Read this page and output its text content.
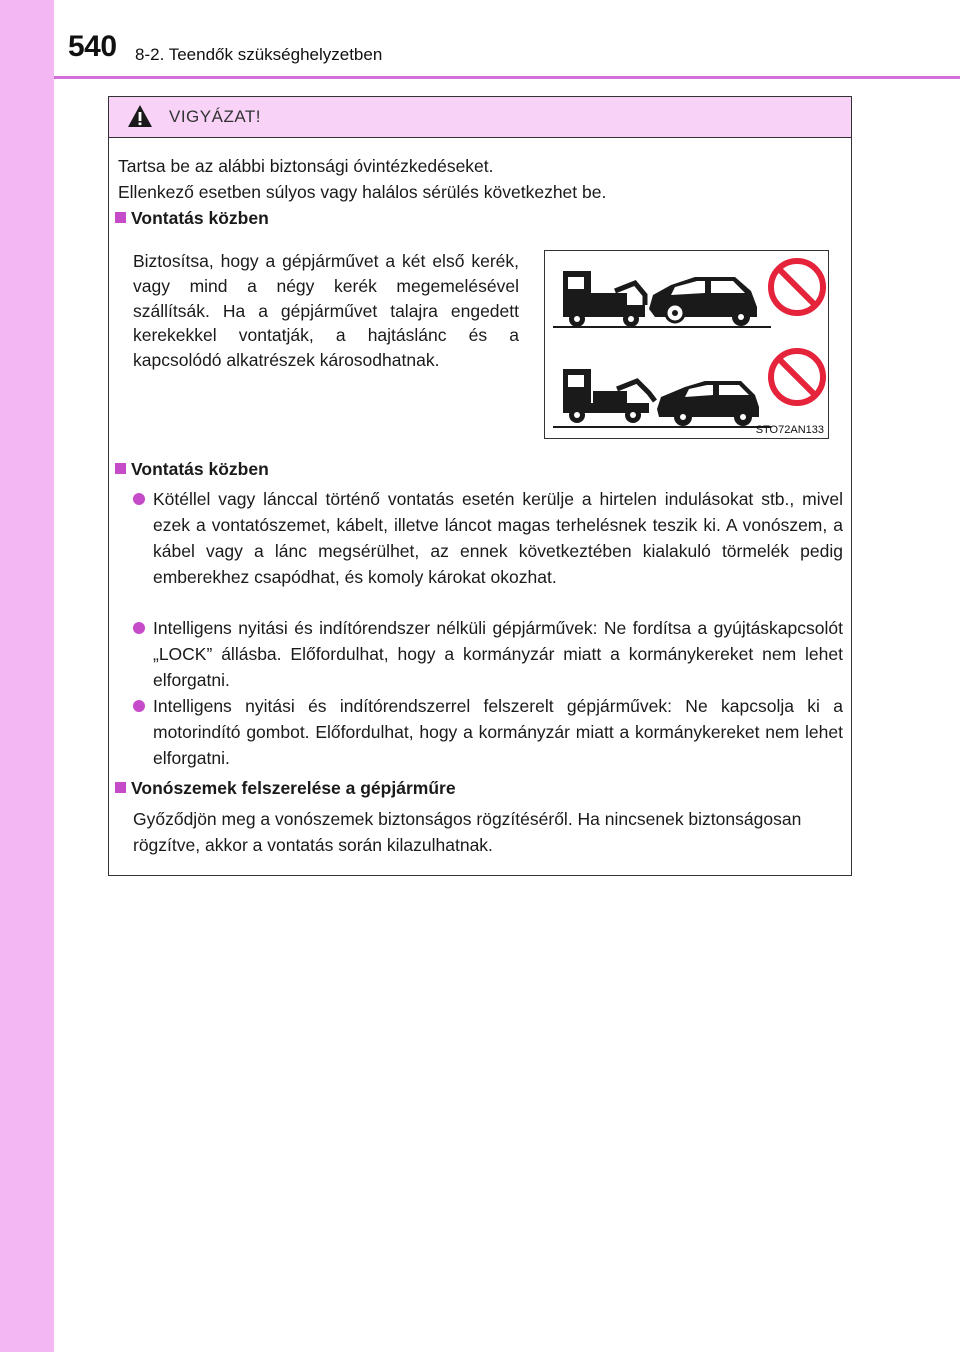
540 8-2. Teendők szükséghelyzetben
VIGYÁZAT!
Tartsa be az alábbi biztonsági óvintézkedéseket.
Ellenkező esetben súlyos vagy halálos sérülés következhet be.
Vontatás közben
Biztosítsa, hogy a gépjárművet a két első kerék, vagy mind a négy kerék megemelésével szállítsák. Ha a gépjárművet talajra engedett kerekekkel vontatják, a hajtáslánc és a kapcsolódó alkatrészek károsodhatnak.
STO72AN133
Vontatás közben
Kötéllel vagy lánccal történő vontatás esetén kerülje a hirtelen indulásokat stb., mivel ezek a vontatószemet, kábelt, illetve láncot magas terhelésnek teszik ki. A vonószem, a kábel vagy a lánc megsérülhet, az ennek következtében kialakuló törmelék pedig emberekhez csapódhat, és komoly károkat okozhat.
Intelligens nyitási és indítórendszer nélküli gépjárművek: Ne fordítsa a gyújtáskapcsolót „LOCK” állásba. Előfordulhat, hogy a kormányzár miatt a kormánykereket nem lehet elforgatni.
Intelligens nyitási és indítórendszerrel felszerelt gépjárművek: Ne kapcsolja ki a motorindító gombot. Előfordulhat, hogy a kormányzár miatt a kormánykereket nem lehet elforgatni.
Vonószemek felszerelése a gépjárműre
Győződjön meg a vonószemek biztonságos rögzítéséről. Ha nincsenek biztonságosan rögzítve, akkor a vontatás során kilazulhatnak.
